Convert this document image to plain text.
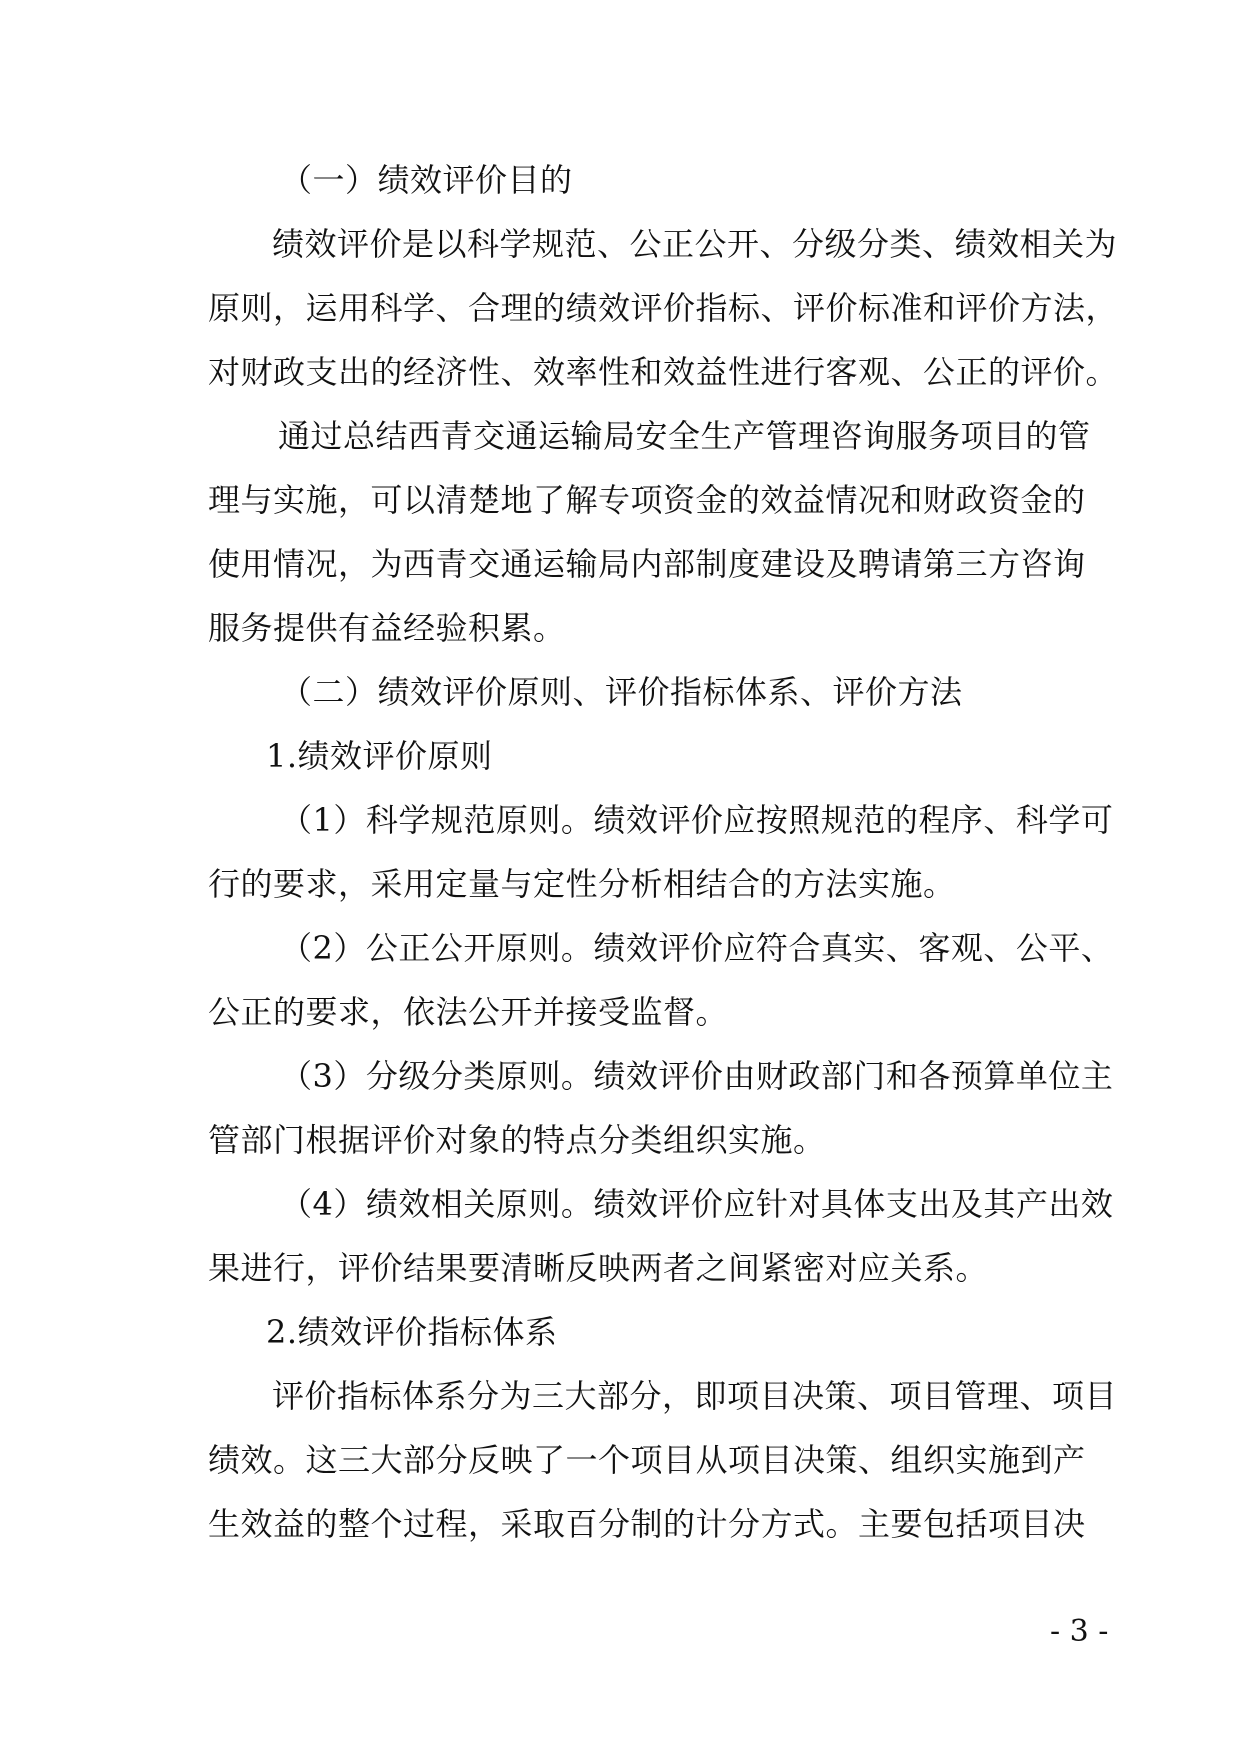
（一）绩效评价目的
绩效评价是以科学规范、公正公开、分级分类、绩效相关为
原则，运用科学、合理的绩效评价指标、评价标准和评价方法，
对财政支出的经济性、效率性和效益性进行客观、公正的评价。
通过总结西青交通运输局安全生产管理咨询服务项目的管
理与实施，可以清楚地了解专项资金的效益情况和财政资金的
使用情况，为西青交通运输局内部制度建设及聘请第三方咨询
服务提供有益经验积累。
（二）绩效评价原则、评价指标体系、评价方法
1.绩效评价原则
（1）科学规范原则。绩效评价应按照规范的程序、科学可
行的要求，采用定量与定性分析相结合的方法实施。
（2）公正公开原则。绩效评价应符合真实、客观、公平、
公正的要求，依法公开并接受监督。
（3）分级分类原则。绩效评价由财政部门和各预算单位主
管部门根据评价对象的特点分类组织实施。
（4）绩效相关原则。绩效评价应针对具体支出及其产出效
果进行，评价结果要清晰反映两者之间紧密对应关系。
2.绩效评价指标体系
评价指标体系分为三大部分，即项目决策、项目管理、项目
绩效。这三大部分反映了一个项目从项目决策、组织实施到产
生效益的整个过程，采取百分制的计分方式。主要包括项目决
- 3 -
